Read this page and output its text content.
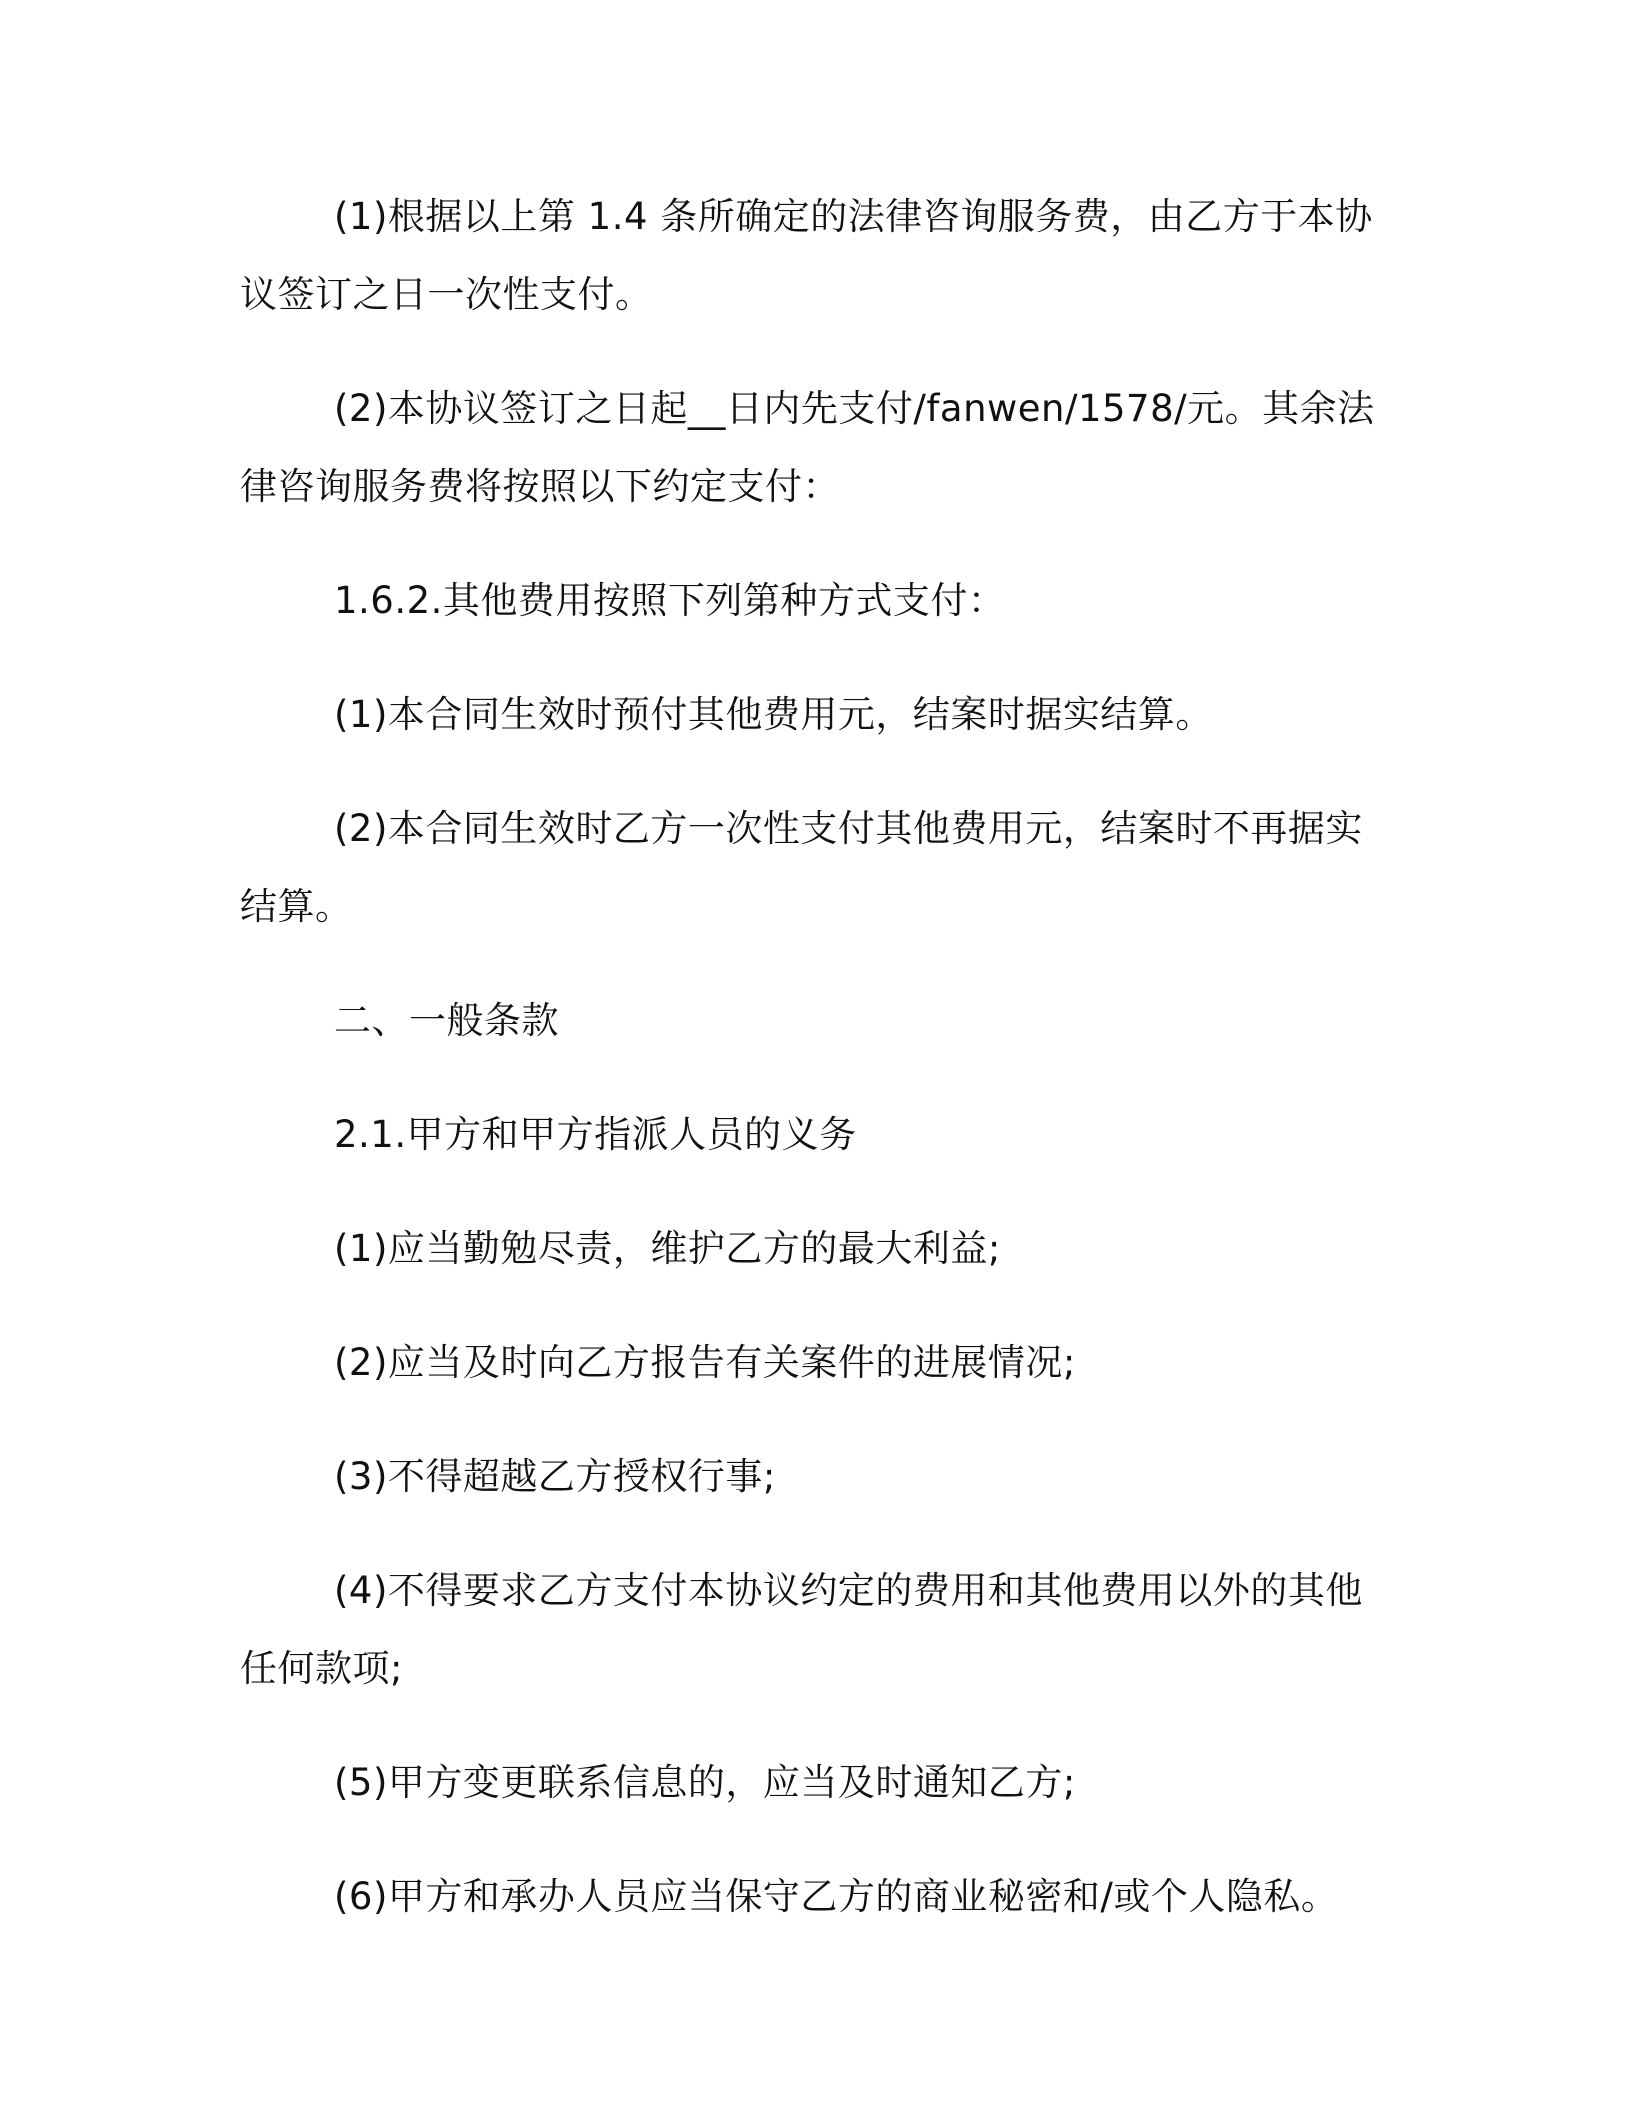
(1)根据以上第 1.4 条所确定的法律咨询服务费，由乙方于本协议签订之日一次性支付。

(2)本协议签订之日起__日内先支付/fanwen/1578/元。其余法律咨询服务费将按照以下约定支付：

1.6.2.其他费用按照下列第种方式支付：

(1)本合同生效时预付其他费用元，结案时据实结算。

(2)本合同生效时乙方一次性支付其他费用元，结案时不再据实结算。

二、一般条款

2.1.甲方和甲方指派人员的义务

(1)应当勤勉尽责，维护乙方的最大利益;

(2)应当及时向乙方报告有关案件的进展情况;

(3)不得超越乙方授权行事;

(4)不得要求乙方支付本协议约定的费用和其他费用以外的其他任何款项;

(5)甲方变更联系信息的，应当及时通知乙方;

(6)甲方和承办人员应当保守乙方的商业秘密和/或个人隐私。
